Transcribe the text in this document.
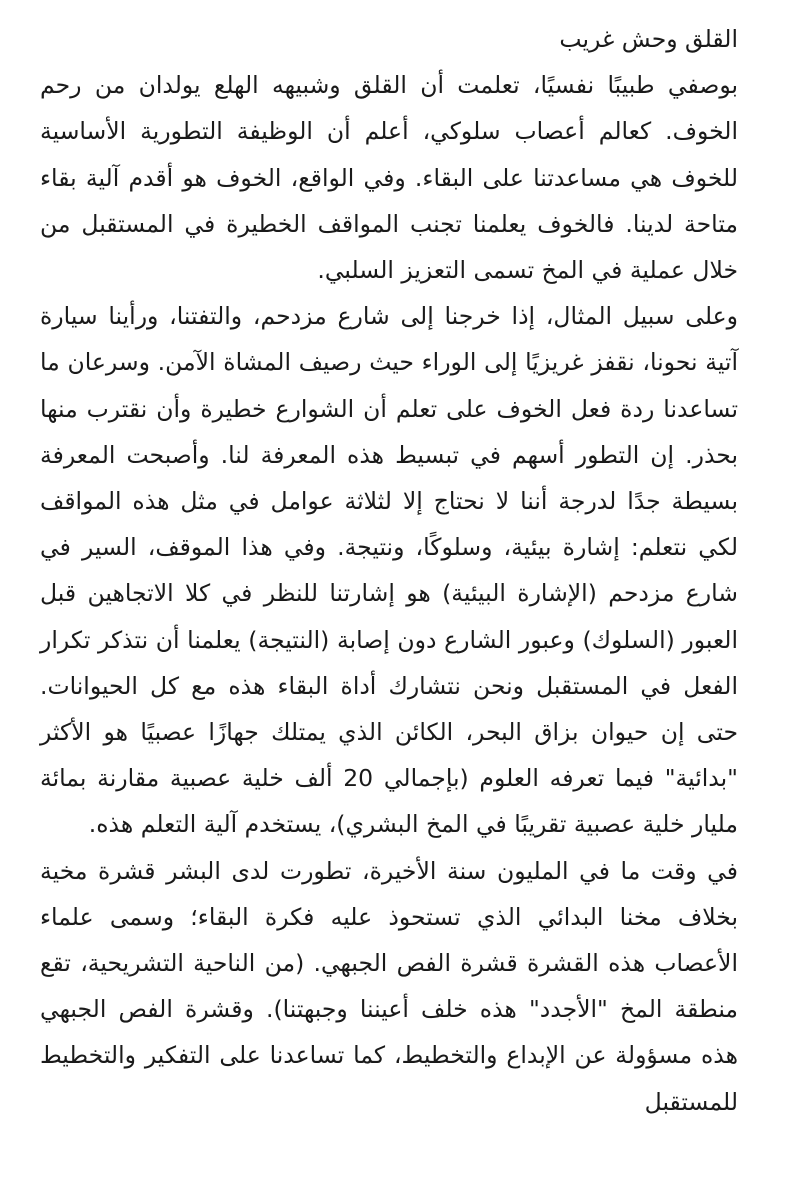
القلق وحش غريب

بوصفي طبيبًا نفسيًا، تعلمت أن القلق وشبيهه الهلع يولدان من رحم الخوف. كعالم أعصاب سلوكي، أعلم أن الوظيفة التطورية الأساسية للخوف هي مساعدتنا على البقاء. وفي الواقع، الخوف هو أقدم آلية بقاء متاحة لدينا. فالخوف يعلمنا تجنب المواقف الخطيرة في المستقبل من خلال عملية في المخ تسمى التعزيز السلبي.

وعلى سبيل المثال، إذا خرجنا إلى شارع مزدحم، والتفتنا، ورأينا سيارة آتية نحونا، نقفز غريزيًا إلى الوراء حيث رصيف المشاة الآمن. وسرعان ما تساعدنا ردة فعل الخوف على تعلم أن الشوارع خطيرة وأن نقترب منها بحذر. إن التطور أسهم في تبسيط هذه المعرفة لنا. وأصبحت المعرفة بسيطة جدًا لدرجة أننا لا نحتاج إلا لثلاثة عوامل في مثل هذه المواقف لكي نتعلم: إشارة بيئية، وسلوكًا، ونتيجة. وفي هذا الموقف، السير في شارع مزدحم (الإشارة البيئية) هو إشارتنا للنظر في كلا الاتجاهين قبل العبور (السلوك) وعبور الشارع دون إصابة (النتيجة) يعلمنا أن نتذكر تكرار الفعل في المستقبل ونحن نتشارك أداة البقاء هذه مع كل الحيوانات. حتى إن حيوان بزاق البحر، الكائن الذي يمتلك جهازًا عصبيًا هو الأكثر "بدائية" فيما تعرفه العلوم (بإجمالي 20 ألف خلية عصبية مقارنة بمائة مليار خلية عصبية تقريبًا في المخ البشري)، يستخدم آلية التعلم هذه.

في وقت ما في المليون سنة الأخيرة، تطورت لدى البشر قشرة مخية بخلاف مخنا البدائي الذي تستحوذ عليه فكرة البقاء؛ وسمى علماء الأعصاب هذه القشرة قشرة الفص الجبهي. (من الناحية التشريحية، تقع منطقة المخ "الأجدد" هذه خلف أعيننا وجبهتنا). وقشرة الفص الجبهي هذه مسؤولة عن الإبداع والتخطيط، كما تساعدنا على التفكير والتخطيط للمستقبل
